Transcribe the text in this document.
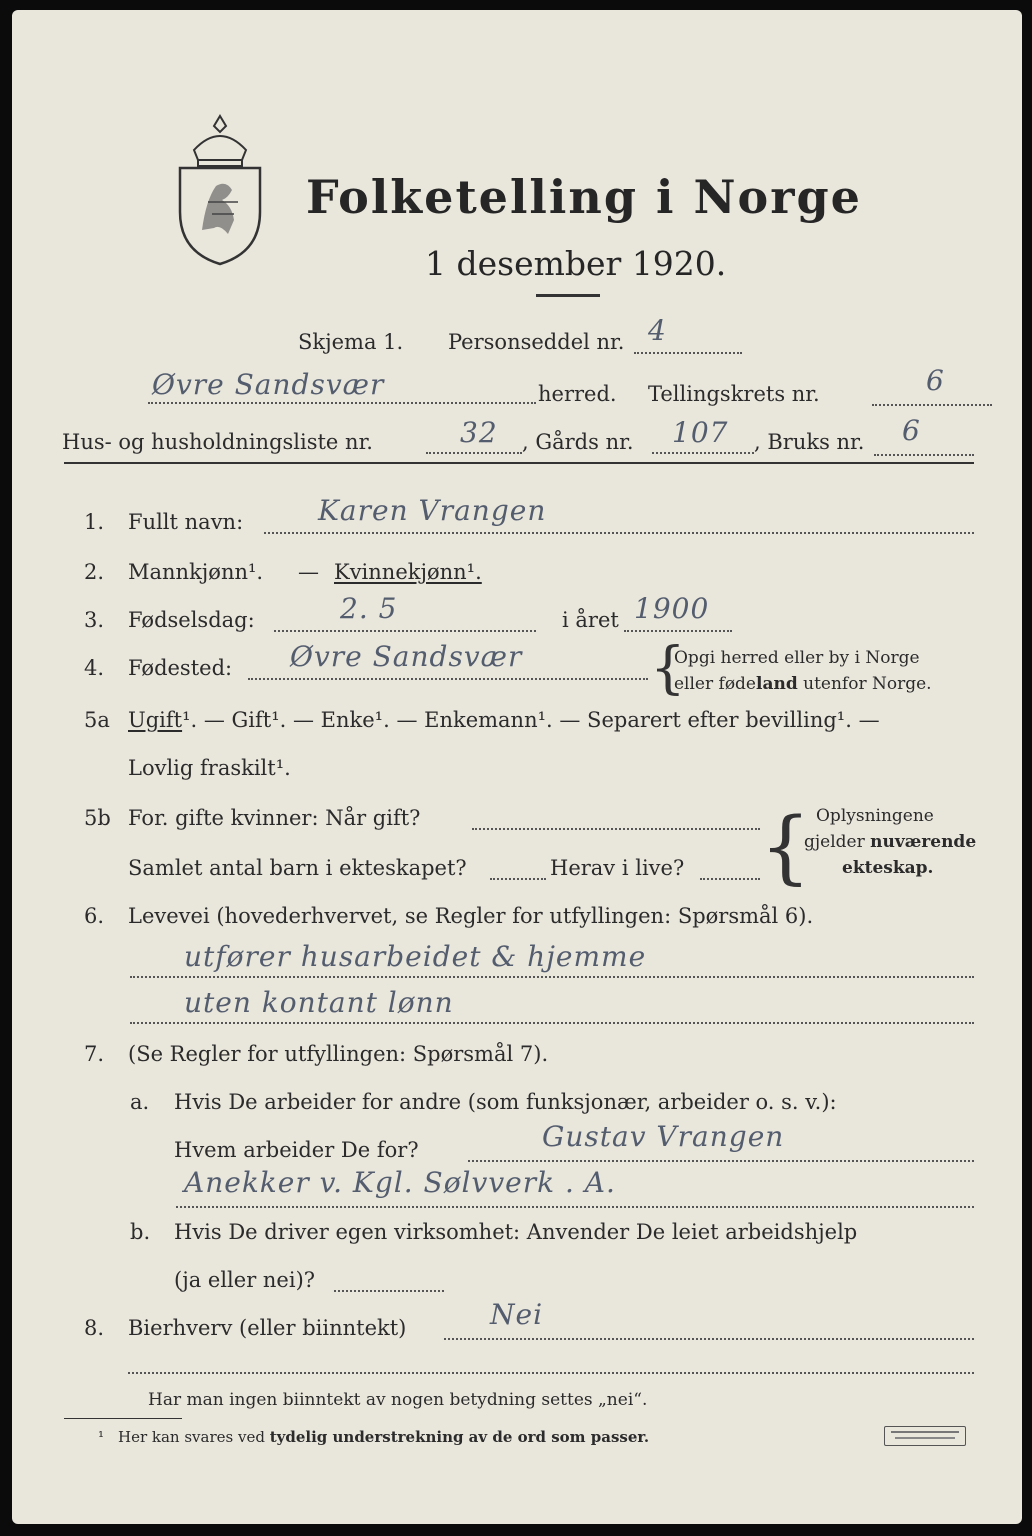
Folketelling i Norge
1 desember 1920.
Skjema 1. Personseddel nr. 4
Øvre Sandsvær	herred. Tellingskrets nr.	6
Hus- og husholdningsliste nr.	32 , Gårds nr. 107 , Bruks nr. 6
1. Fullt navn:	Karen Vrangen
2. Mannkjønn¹. — Kvinnekjønn¹.
3. Fødselsdag:	2. 5	i året 1900
4. Fødested: Øvre Sandsvær {
Opgi herred eller by i Norge
eller fødeland utenfor Norge.
5a Ugift¹. — Gift¹. — Enke¹. — Enkemann¹. — Separert efter bevilling¹. —
Lovlig fraskilt¹.
5b For. gifte kvinner: Når gift?
Samlet antal barn i ekteskapet?	Herav i live? { Oplysningene
gjelder nuværende
ekteskap.
6. Levevei (hovederhvervet, se Regler for utfyllingen: Spørsmål 6).
utfører husarbeidet & hjemme
uten kontant lønn
7. (Se Regler for utfyllingen: Spørsmål 7).
a. Hvis De arbeider for andre (som funksjonær, arbeider o. s. v.):
Hvem arbeider De for?	Gustav Vrangen
Anekker v. Kgl. Sølvverk . A.
b. Hvis De driver egen virksomhet: Anvender De leiet arbeidshjelp
(ja eller nei)?
8. Bierhverv (eller biinntekt)	Nei
Har man ingen biinntekt av nogen betydning settes „nei“.
¹ Her kan svares ved tydelig understrekning av de ord som passer.
